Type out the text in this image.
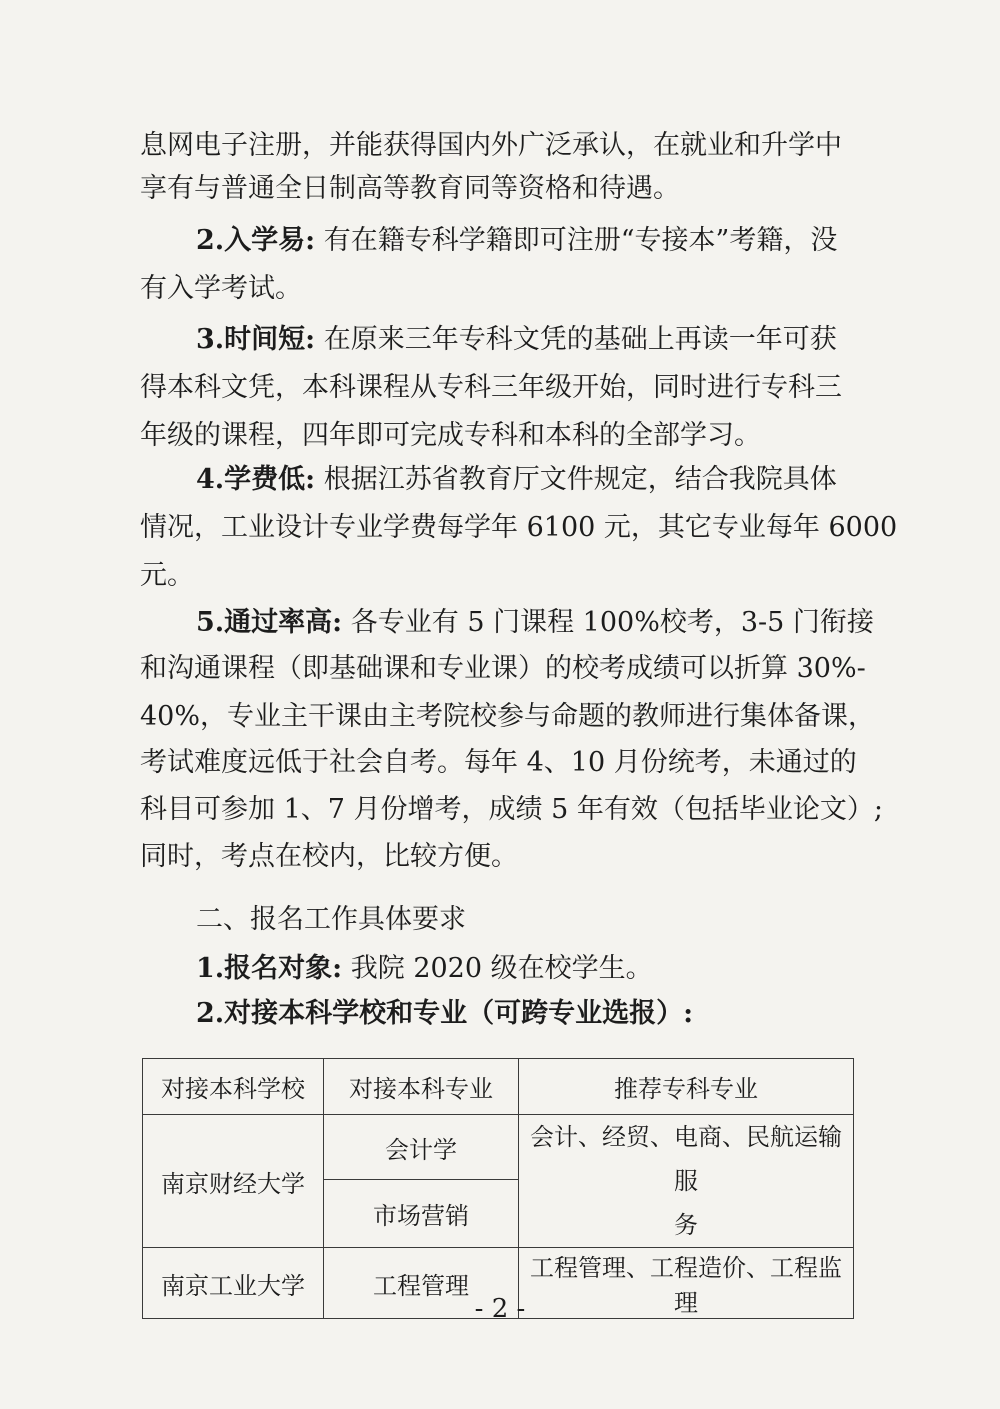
息网电子注册，并能获得国内外广泛承认，在就业和升学中
享有与普通全日制高等教育同等资格和待遇。
2.入学易: 有在籍专科学籍即可注册“专接本”考籍，没
有入学考试。
3.时间短: 在原来三年专科文凭的基础上再读一年可获
得本科文凭，本科课程从专科三年级开始，同时进行专科三
年级的课程，四年即可完成专科和本科的全部学习。
4.学费低: 根据江苏省教育厅文件规定，结合我院具体
情况，工业设计专业学费每学年 6100 元，其它专业每年 6000
元。
5.通过率高: 各专业有 5 门课程 100%校考，3-5 门衔接
和沟通课程（即基础课和专业课）的校考成绩可以折算 30%-
40%，专业主干课由主考院校参与命题的教师进行集体备课，
考试难度远低于社会自考。每年 4、10 月份统考，未通过的
科目可参加 1、7 月份增考，成绩 5 年有效（包括毕业论文）;
同时，考点在校内，比较方便。
二、报名工作具体要求
1.报名对象: 我院 2020 级在校学生。
2.对接本科学校和专业（可跨专业选报）:
对接本科学校	对接本科专业	推荐专科专业
南京财经大学	会计学	会计、经贸、电商、民航运输服
务

	市场营销	
南京工业大学	工程管理	工程管理、工程造价、工程监理
- 2 -
